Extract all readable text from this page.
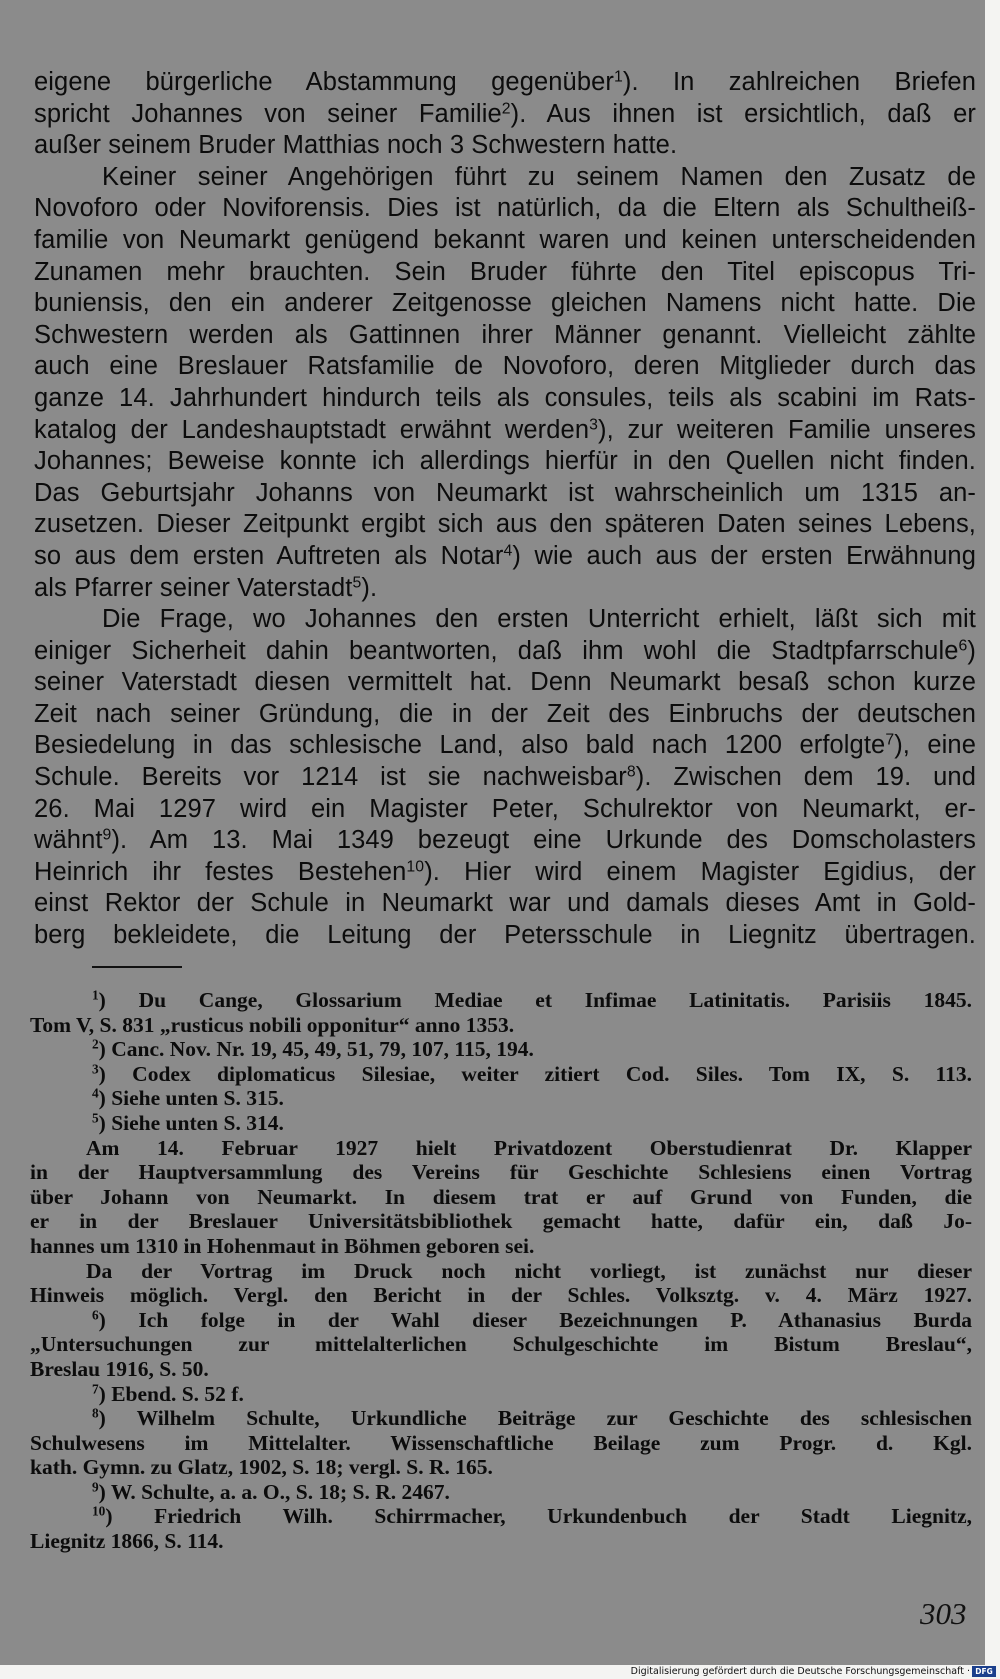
eigene bürgerliche Abstammung gegenüber$^1$). In zahlreichen Briefen
spricht Johannes von seiner Familie$^2$). Aus ihnen ist ersichtlich, daß er
außer seinem Bruder Matthias noch 3 Schwestern hatte.
Keiner seiner Angehörigen führt zu seinem Namen den Zusatz de
Novoforo oder Noviforensis. Dies ist natürlich, da die Eltern als Schultheiß-
familie von Neumarkt genügend bekannt waren und keinen unterscheidenden
Zunamen mehr brauchten. Sein Bruder führte den Titel episcopus Tri-
buniensis, den ein anderer Zeitgenosse gleichen Namens nicht hatte. Die
Schwestern werden als Gattinnen ihrer Männer genannt. Vielleicht zählte
auch eine Breslauer Ratsfamilie de Novoforo, deren Mitglieder durch das
ganze 14. Jahrhundert hindurch teils als consules, teils als scabini im Rats-
katalog der Landeshauptstadt erwähnt werden$^3$), zur weiteren Familie unseres
Johannes; Beweise konnte ich allerdings hierfür in den Quellen nicht finden.
Das Geburtsjahr Johanns von Neumarkt ist wahrscheinlich um 1315 an-
zusetzen. Dieser Zeitpunkt ergibt sich aus den späteren Daten seines Lebens,
so aus dem ersten Auftreten als Notar$^4$) wie auch aus der ersten Erwähnung
als Pfarrer seiner Vaterstadt$^5$).
Die Frage, wo Johannes den ersten Unterricht erhielt, läßt sich mit
einiger Sicherheit dahin beantworten, daß ihm wohl die Stadtpfarrschule$^6$)
seiner Vaterstadt diesen vermittelt hat. Denn Neumarkt besaß schon kurze
Zeit nach seiner Gründung, die in der Zeit des Einbruchs der deutschen
Besiedelung in das schlesische Land, also bald nach 1200 erfolgte$^7$), eine
Schule. Bereits vor 1214 ist sie nachweisbar$^8$). Zwischen dem 19. und
26. Mai 1297 wird ein Magister Peter, Schulrektor von Neumarkt, er-
wähnt$^9$). Am 13. Mai 1349 bezeugt eine Urkunde des Domscholasters
Heinrich ihr festes Bestehen$^{10}$). Hier wird einem Magister Egidius, der
einst Rektor der Schule in Neumarkt war und damals dieses Amt in Gold-
berg bekleidete, die Leitung der Petersschule in Liegnitz übertragen.
$^1$) Du Cange, Glossarium Mediae et Infimae Latinitatis. Parisiis 1845.
Tom V, S. 831 „rusticus nobili opponitur“ anno 1353.
$^2$) Canc. Nov. Nr. 19, 45, 49, 51, 79, 107, 115, 194.
$^3$) Codex diplomaticus Silesiae, weiter zitiert Cod. Siles. Tom IX, S. 113.
$^4$) Siehe unten S. 315.
$^5$) Siehe unten S. 314.
Am 14. Februar 1927 hielt Privatdozent Oberstudienrat Dr. Klapper
in der Hauptversammlung des Vereins für Geschichte Schlesiens einen Vortrag
über Johann von Neumarkt. In diesem trat er auf Grund von Funden, die
er in der Breslauer Universitätsbibliothek gemacht hatte, dafür ein, daß Jo-
hannes um 1310 in Hohenmaut in Böhmen geboren sei.
Da der Vortrag im Druck noch nicht vorliegt, ist zunächst nur dieser
Hinweis möglich. Vergl. den Bericht in der Schles. Volksztg. v. 4. März 1927.
$^6$) Ich folge in der Wahl dieser Bezeichnungen P. Athanasius Burda
„Untersuchungen zur mittelalterlichen Schulgeschichte im Bistum Breslau“,
Breslau 1916, S. 50.
$^7$) Ebend. S. 52 f.
$^8$) Wilhelm Schulte, Urkundliche Beiträge zur Geschichte des schlesischen
Schulwesens im Mittelalter. Wissenschaftliche Beilage zum Progr. d. Kgl.
kath. Gymn. zu Glatz, 1902, S. 18; vergl. S. R. 165.
$^9$) W. Schulte, a. a. O., S. 18; S. R. 2467.
$^{10}$) Friedrich Wilh. Schirrmacher, Urkundenbuch der Stadt Liegnitz,
Liegnitz 1866, S. 114.
303
Digitalisierung gefördert durch die Deutsche Forschungsgemeinschaft · DFG
